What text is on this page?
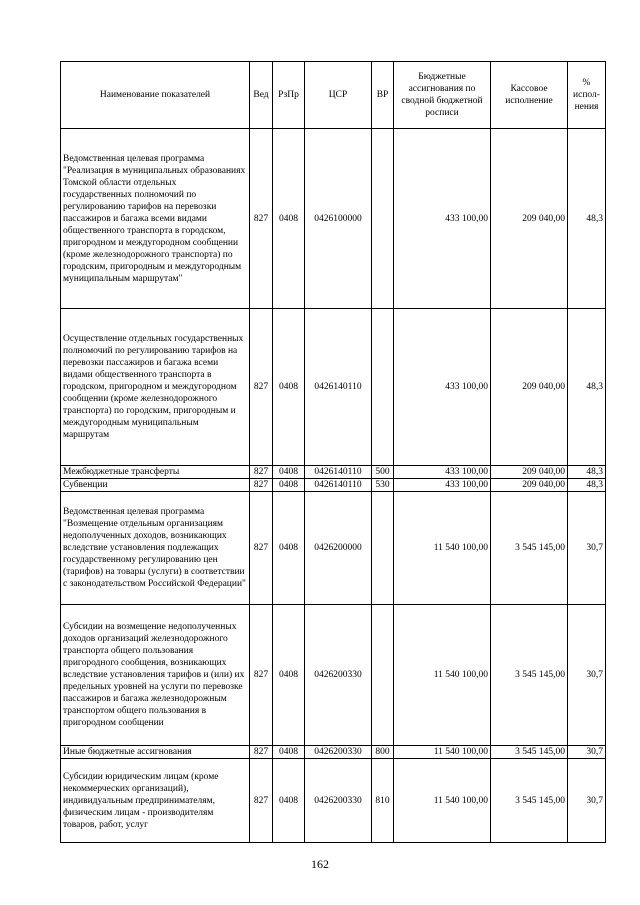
Наименование показателей	Вед	РзПр	ЦСР	ВР	Бюджетные ассигнования по сводной бюджетной росписи	Кассовое исполнение	% испол-нения
Ведомственная целевая программа "Реализация в муниципальных образованиях Томской области отдельных государственных полномочий по регулированию тарифов на перевозки пассажиров и багажа всеми видами общественного транспорта в городском, пригородном и междугородном сообщении (кроме железнодорожного транспорта) по городским, пригородным и междугородным муниципальным маршрутам"	827	0408	0426100000		433 100,00	209 040,00	48,3
Осуществление отдельных государственных полномочий по регулированию тарифов на перевозки пассажиров и багажа всеми видами общественного транспорта в городском, пригородном и междугородном сообщении (кроме железнодорожного транспорта) по городским, пригородным и междугородным муниципальным маршрутам	827	0408	0426140110		433 100,00	209 040,00	48,3
Межбюджетные трансферты	827	0408	0426140110	500	433 100,00	209 040,00	48,3
Субвенции	827	0408	0426140110	530	433 100,00	209 040,00	48,3

Ведомственная целевая программа "Возмещение отдельным организациям недополученных доходов, возникающих вследствие установления подлежащих государственному регулированию цен (тарифов) на товары (услуги) в соответствии с законодательством Российской Федерации"	827	0408	0426200000		11 540 100,00	3 545 145,00	30,7

Субсидии на возмещение недополученных доходов организаций железнодорожного транспорта общего пользования пригородного сообщения, возникающих вследствие установления тарифов и (или) их предельных уровней на услуги по перевозке пассажиров и багажа железнодорожным транспортом общего пользования в пригородном сообщении	827	0408	0426200330		11 540 100,00	3 545 145,00	30,7
Иные бюджетные ассигнования	827	0408	0426200330	800	11 540 100,00	3 545 145,00	30,7
Субсидии юридическим лицам (кроме некоммерческих организаций), индивидуальным предпринимателям, физическим лицам - производителям товаров, работ, услуг	827	0408	0426200330	810	11 540 100,00	3 545 145,00	30,7
162
